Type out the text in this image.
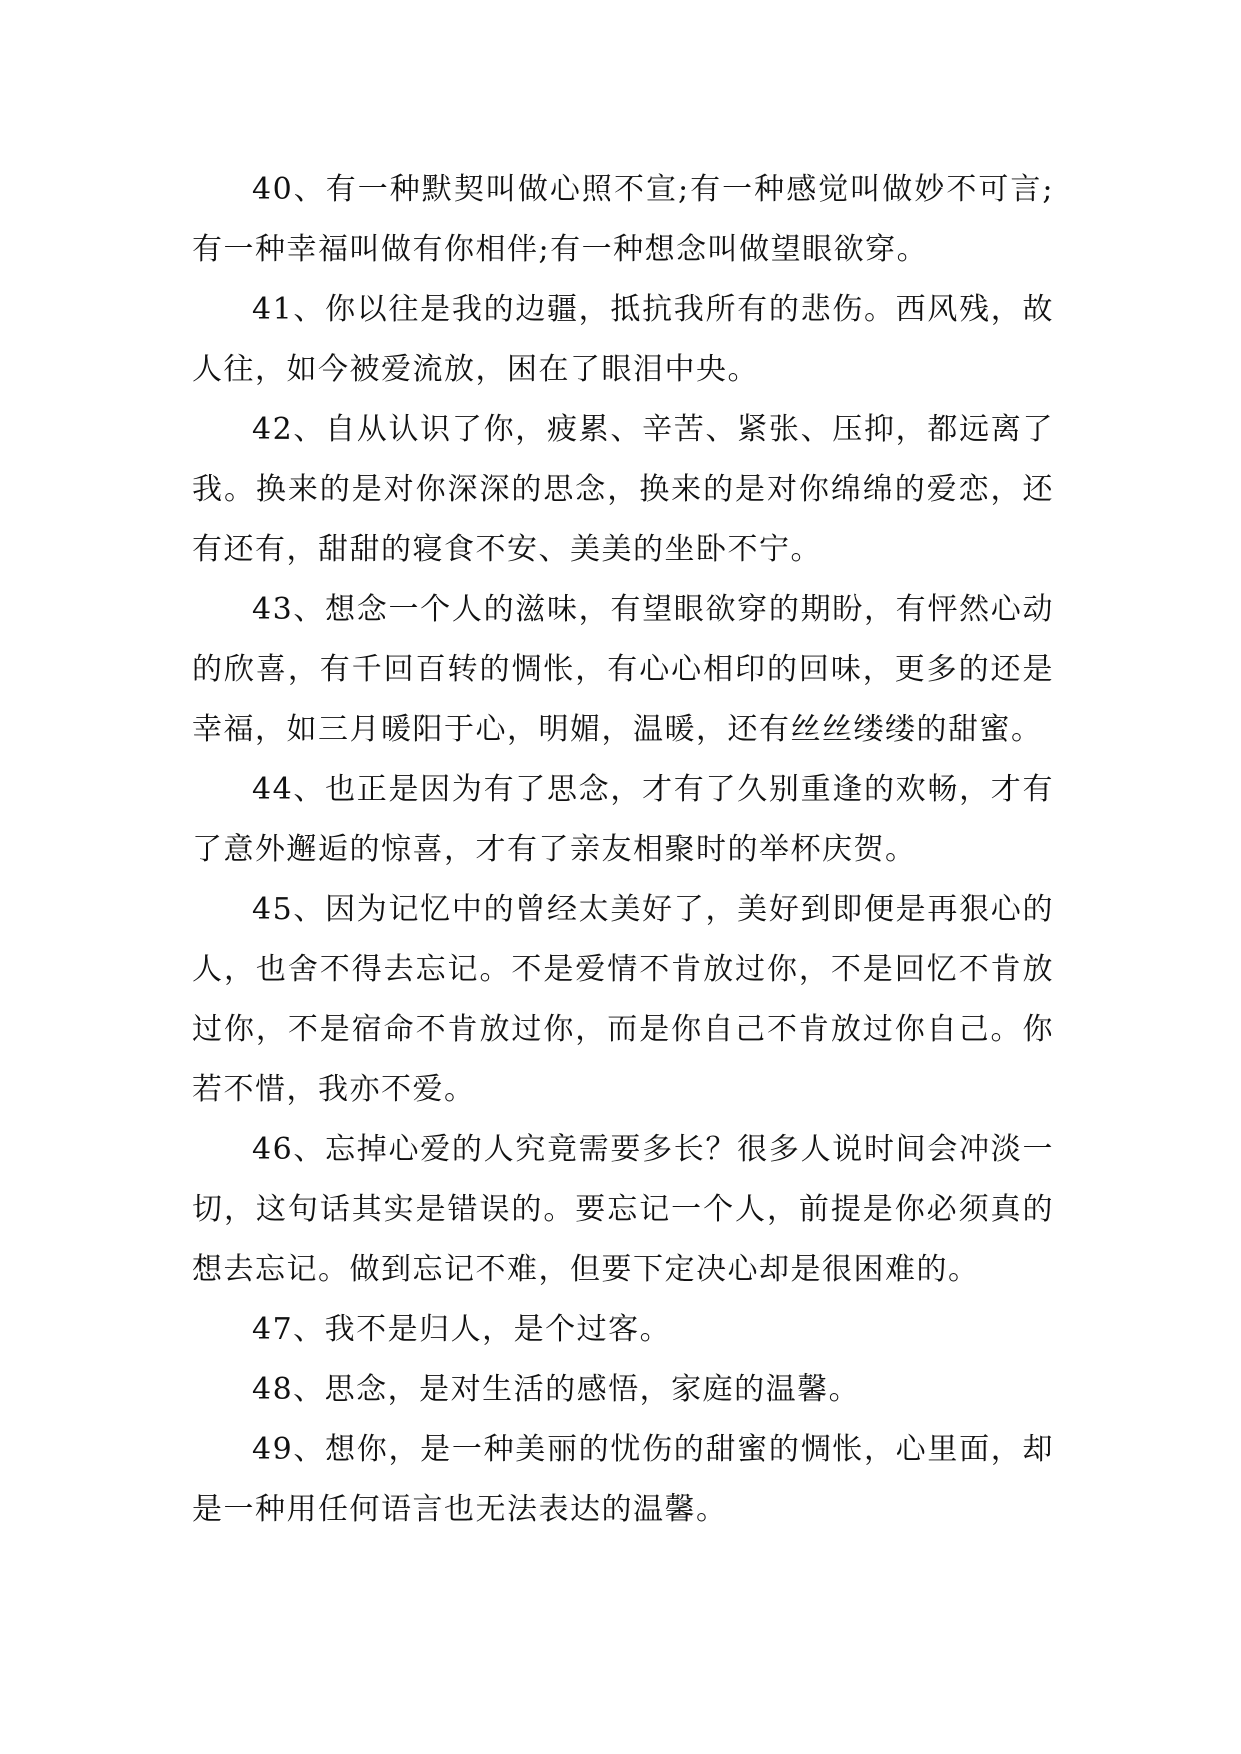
40、有一种默契叫做心照不宣;有一种感觉叫做妙不可言;有一种幸福叫做有你相伴;有一种想念叫做望眼欲穿。

41、你以往是我的边疆，抵抗我所有的悲伤。西风残，故人往，如今被爱流放，困在了眼泪中央。

42、自从认识了你，疲累、辛苦、紧张、压抑，都远离了我。换来的是对你深深的思念，换来的是对你绵绵的爱恋，还有还有，甜甜的寝食不安、美美的坐卧不宁。

43、想念一个人的滋味，有望眼欲穿的期盼，有怦然心动的欣喜，有千回百转的惆怅，有心心相印的回味，更多的还是幸福，如三月暖阳于心，明媚，温暖，还有丝丝缕缕的甜蜜。

44、也正是因为有了思念，才有了久别重逢的欢畅，才有了意外邂逅的惊喜，才有了亲友相聚时的举杯庆贺。

45、因为记忆中的曾经太美好了，美好到即便是再狠心的人，也舍不得去忘记。不是爱情不肯放过你，不是回忆不肯放过你，不是宿命不肯放过你，而是你自己不肯放过你自己。你若不惜，我亦不爱。

46、忘掉心爱的人究竟需要多长？很多人说时间会冲淡一切，这句话其实是错误的。要忘记一个人，前提是你必须真的想去忘记。做到忘记不难，但要下定决心却是很困难的。

47、我不是归人，是个过客。

48、思念，是对生活的感悟，家庭的温馨。

49、想你，是一种美丽的忧伤的甜蜜的惆怅，心里面，却是一种用任何语言也无法表达的温馨。
